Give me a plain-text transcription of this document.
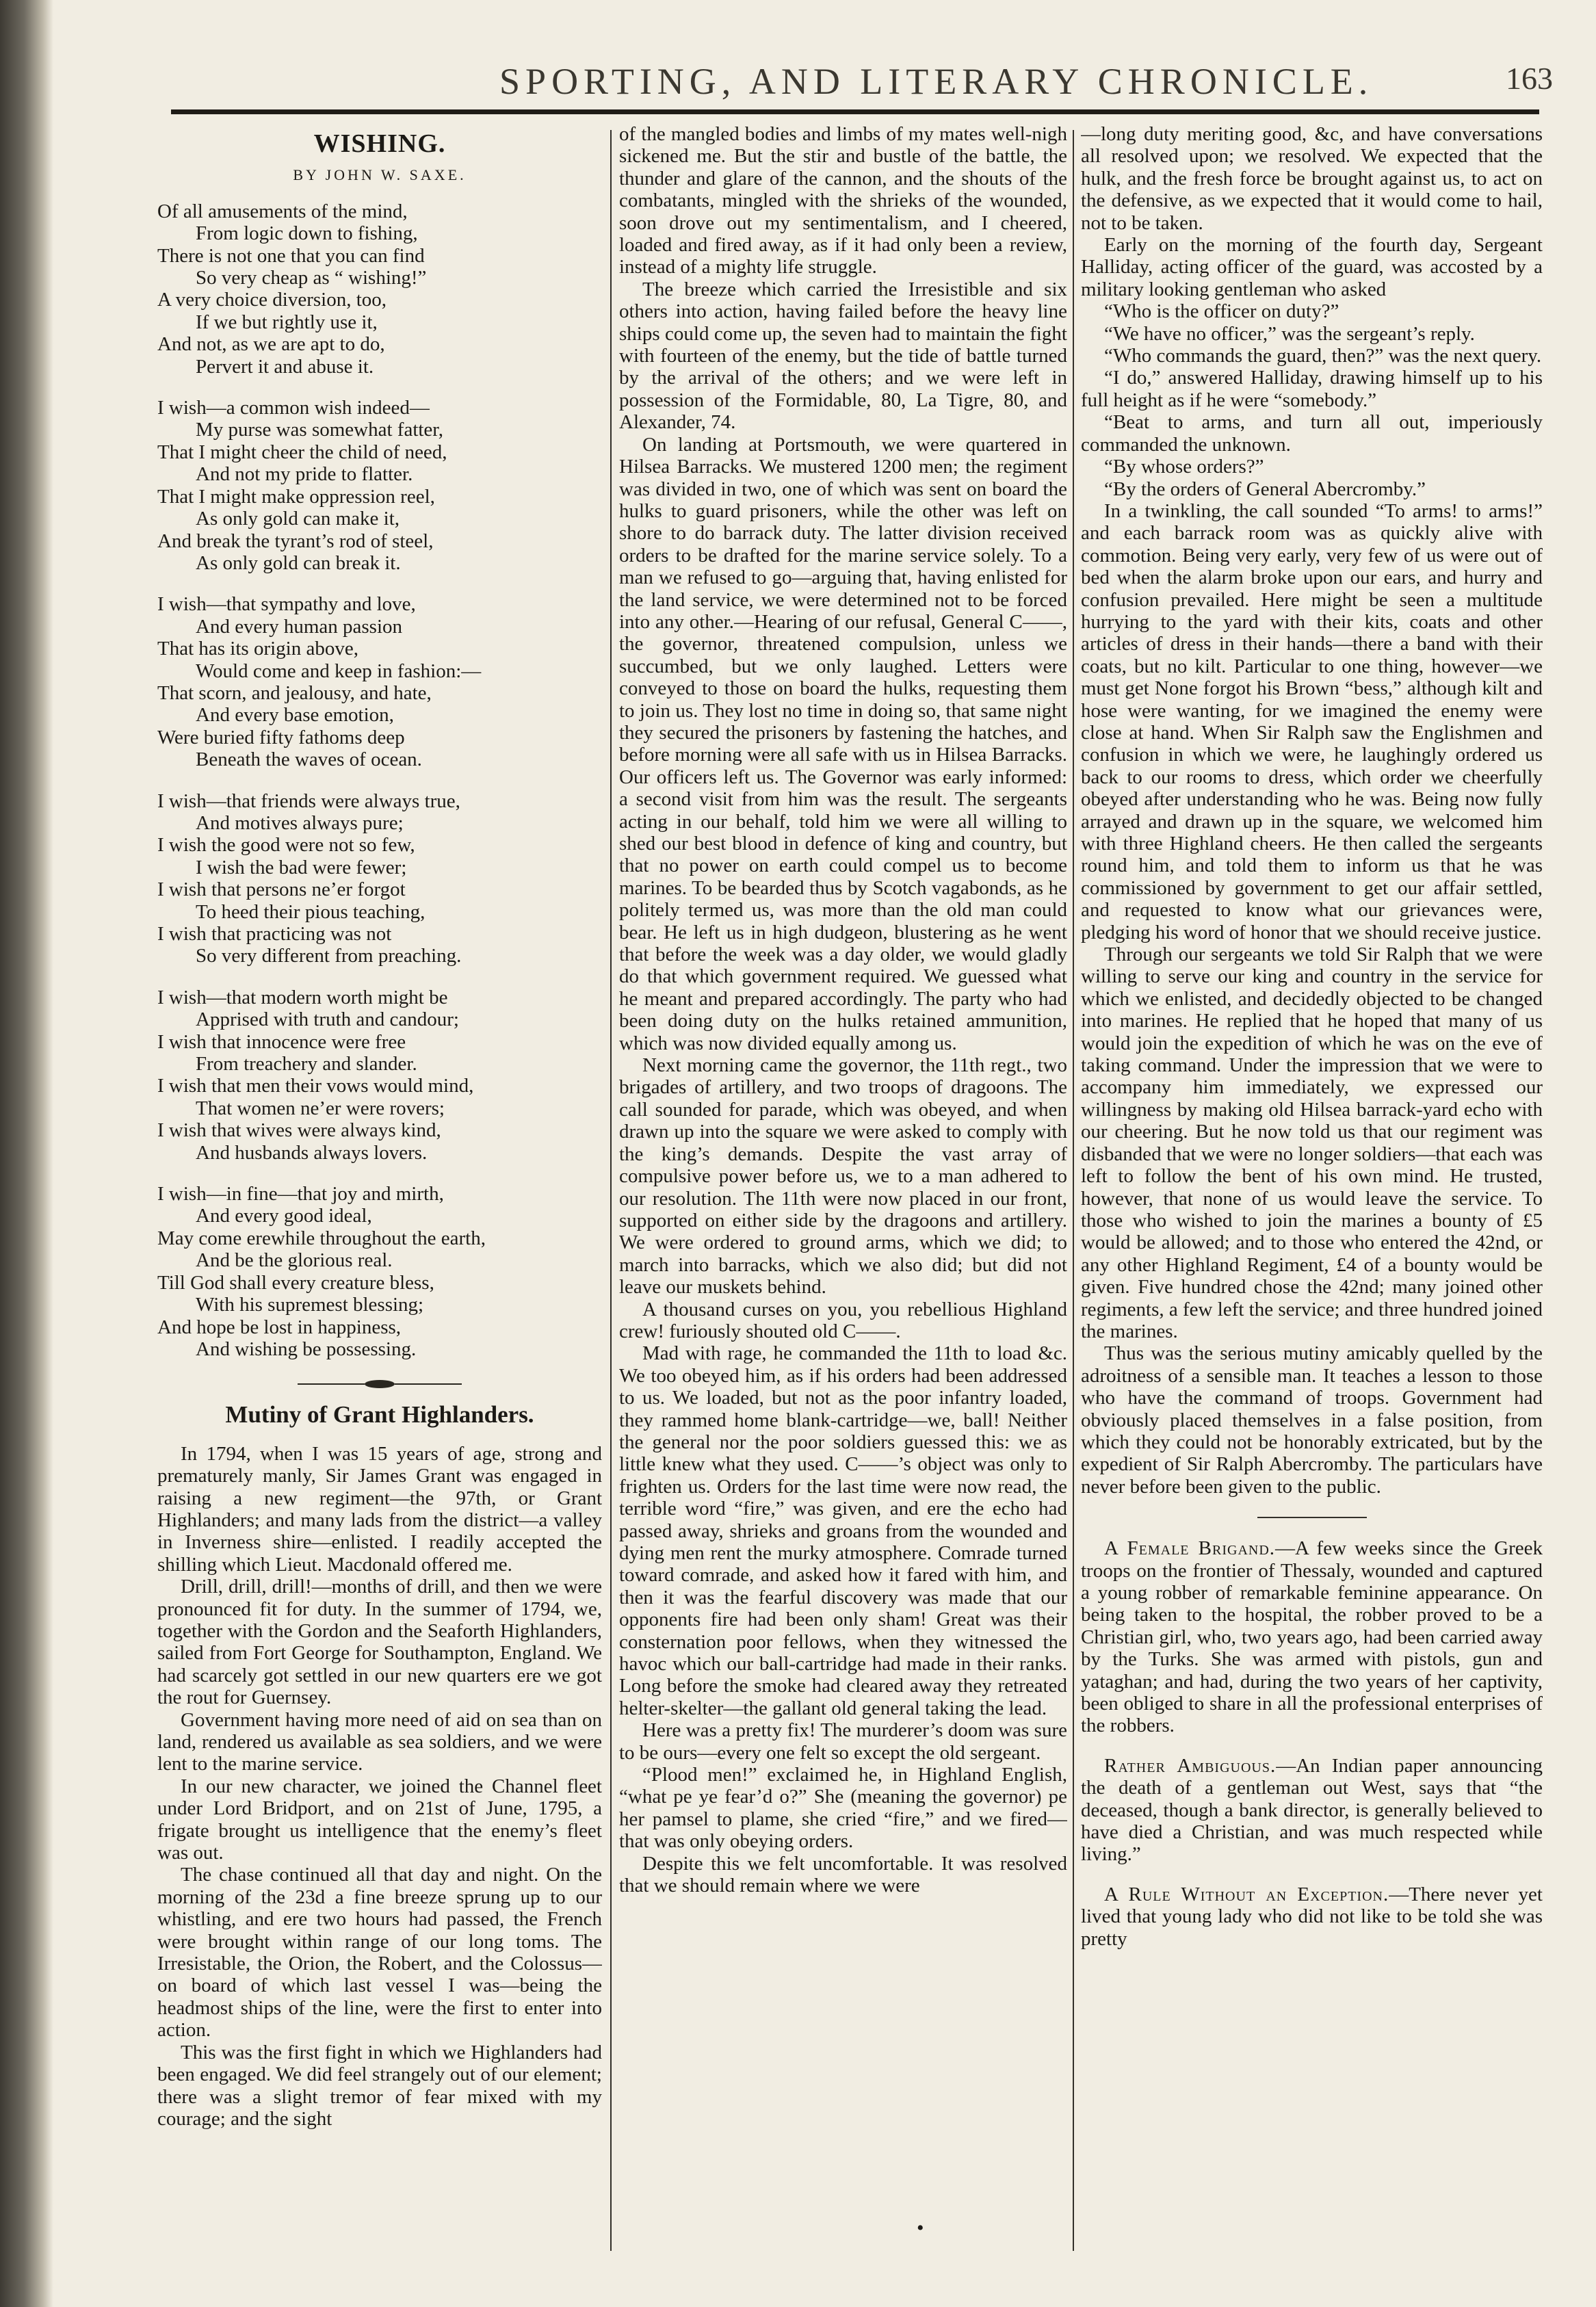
SPORTING, AND LITERARY CHRONICLE.	163
WISHING.
BY JOHN W. SAXE.
Of all amusements of the mind,
From logic down to fishing,
There is not one that you can find
So very cheap as “ wishing!”
A very choice diversion, too,
If we but rightly use it,
And not, as we are apt to do,
Pervert it and abuse it.
I wish—a common wish indeed—
My purse was somewhat fatter,
That I might cheer the child of need,
And not my pride to flatter.
That I might make oppression reel,
As only gold can make it,
And break the tyrant’s rod of steel,
As only gold can break it.
I wish—that sympathy and love,
And every human passion
That has its origin above,
Would come and keep in fashion:—
That scorn, and jealousy, and hate,
And every base emotion,
Were buried fifty fathoms deep
Beneath the waves of ocean.
I wish—that friends were always true,
And motives always pure;
I wish the good were not so few,
I wish the bad were fewer;
I wish that persons ne’er forgot
To heed their pious teaching,
I wish that practicing was not
So very different from preaching.
I wish—that modern worth might be
Apprised with truth and candour;
I wish that innocence were free
From treachery and slander.
I wish that men their vows would mind,
That women ne’er were rovers;
I wish that wives were always kind,
And husbands always lovers.
I wish—in fine—that joy and mirth,
And every good ideal,
May come erewhile throughout the earth,
And be the glorious real.
Till God shall every creature bless,
With his supremest blessing;
And hope be lost in happiness,
And wishing be possessing.
Mutiny of Grant Highlanders.

In 1794, when I was 15 years of age, strong and prematurely manly, Sir James Grant was engaged in raising a new regiment—the 97th, or Grant Highlanders; and many lads from the district—a valley in Inverness shire—enlisted. I readily accepted the shilling which Lieut. Macdonald offered me.

Drill, drill, drill!—months of drill, and then we were pronounced fit for duty. In the summer of 1794, we, together with the Gordon and the Seaforth Highlanders, sailed from Fort George for Southampton, England. We had scarcely got settled in our new quarters ere we got the rout for Guernsey.

Government having more need of aid on sea than on land, rendered us available as sea soldiers, and we were lent to the marine service.

In our new character, we joined the Channel fleet under Lord Bridport, and on 21st of June, 1795, a frigate brought us intelligence that the enemy’s fleet was out.

The chase continued all that day and night. On the morning of the 23d a fine breeze sprung up to our whistling, and ere two hours had passed, the French were brought within range of our long toms. The Irresistable, the Orion, the Robert, and the Colossus—on board of which last vessel I was—being the headmost ships of the line, were the first to enter into action.

This was the first fight in which we Highlanders had been engaged. We did feel strangely out of our element; there was a slight tremor of fear mixed with my courage; and the sight

of the mangled bodies and limbs of my mates well-nigh sickened me. But the stir and bustle of the battle, the thunder and glare of the cannon, and the shouts of the combatants, mingled with the shrieks of the wounded, soon drove out my sentimentalism, and I cheered, loaded and fired away, as if it had only been a review, instead of a mighty life struggle.

The breeze which carried the Irresistible and six others into action, having failed before the heavy line ships could come up, the seven had to maintain the fight with fourteen of the enemy, but the tide of battle turned by the arrival of the others; and we were left in possession of the Formidable, 80, La Tigre, 80, and Alexander, 74.

On landing at Portsmouth, we were quartered in Hilsea Barracks. We mustered 1200 men; the regiment was divided in two, one of which was sent on board the hulks to guard prisoners, while the other was left on shore to do barrack duty. The latter division received orders to be drafted for the marine service solely. To a man we refused to go—arguing that, having enlisted for the land service, we were determined not to be forced into any other.—Hearing of our refusal, General C——, the governor, threatened compulsion, unless we succumbed, but we only laughed. Letters were conveyed to those on board the hulks, requesting them to join us. They lost no time in doing so, that same night they secured the prisoners by fastening the hatches, and before morning were all safe with us in Hilsea Barracks. Our officers left us. The Governor was early informed: a second visit from him was the result. The sergeants acting in our behalf, told him we were all willing to shed our best blood in defence of king and country, but that no power on earth could compel us to become marines. To be bearded thus by Scotch vagabonds, as he politely termed us, was more than the old man could bear. He left us in high dudgeon, blustering as he went that before the week was a day older, we would gladly do that which government required. We guessed what he meant and prepared accordingly. The party who had been doing duty on the hulks retained ammunition, which was now divided equally among us.

Next morning came the governor, the 11th regt., two brigades of artillery, and two troops of dragoons. The call sounded for parade, which was obeyed, and when drawn up into the square we were asked to comply with the king’s demands. Despite the vast array of compulsive power before us, we to a man adhered to our resolution. The 11th were now placed in our front, supported on either side by the dragoons and artillery. We were ordered to ground arms, which we did; to march into barracks, which we also did; but did not leave our muskets behind.

A thousand curses on you, you rebellious Highland crew! furiously shouted old C——.

Mad with rage, he commanded the 11th to load &c. We too obeyed him, as if his orders had been addressed to us. We loaded, but not as the poor infantry loaded, they rammed home blank-cartridge—we, ball! Neither the general nor the poor soldiers guessed this: we as little knew what they used. C——’s object was only to frighten us. Orders for the last time were now read, the terrible word “fire,” was given, and ere the echo had passed away, shrieks and groans from the wounded and dying men rent the murky atmosphere. Comrade turned toward comrade, and asked how it fared with him, and then it was the fearful discovery was made that our opponents fire had been only sham! Great was their consternation poor fellows, when they witnessed the havoc which our ball-cartridge had made in their ranks. Long before the smoke had cleared away they retreated helter-skelter—the gallant old general taking the lead.

Here was a pretty fix! The murderer’s doom was sure to be ours—every one felt so except the old sergeant.

“Plood men!” exclaimed he, in Highland English, “what pe ye fear’d o?” She (meaning the governor) pe her pamsel to plame, she cried “fire,” and we fired—that was only obeying orders.

Despite this we felt uncomfortable. It was resolved that we should remain where we were

—long duty meriting good, &c, and have conversations all resolved upon; we resolved. We expected that the hulk, and the fresh force be brought against us, to act on the defensive, as we expected that it would come to hail, not to be taken.

Early on the morning of the fourth day, Sergeant Halliday, acting officer of the guard, was accosted by a military looking gentleman who asked

“Who is the officer on duty?”

“We have no officer,” was the sergeant’s reply.

“Who commands the guard, then?” was the next query.

“I do,” answered Halliday, drawing himself up to his full height as if he were “somebody.”

“Beat to arms, and turn all out, imperiously commanded the unknown.

“By whose orders?”

“By the orders of General Abercromby.”

In a twinkling, the call sounded “To arms! to arms!” and each barrack room was as quickly alive with commotion. Being very early, very few of us were out of bed when the alarm broke upon our ears, and hurry and confusion prevailed. Here might be seen a multitude hurrying to the yard with their kits, coats and other articles of dress in their hands—there a band with their coats, but no kilt. Particular to one thing, however—we must get None forgot his Brown “bess,” although kilt and hose were wanting, for we imagined the enemy were close at hand. When Sir Ralph saw the Englishmen and confusion in which we were, he laughingly ordered us back to our rooms to dress, which order we cheerfully obeyed after understanding who he was. Being now fully arrayed and drawn up in the square, we welcomed him with three Highland cheers. He then called the sergeants round him, and told them to inform us that he was commissioned by government to get our affair settled, and requested to know what our grievances were, pledging his word of honor that we should receive justice.

Through our sergeants we told Sir Ralph that we were willing to serve our king and country in the service for which we enlisted, and decidedly objected to be changed into marines. He replied that he hoped that many of us would join the expedition of which he was on the eve of taking command. Under the impression that we were to accompany him immediately, we expressed our willingness by making old Hilsea barrack-yard echo with our cheering. But he now told us that our regiment was disbanded that we were no longer soldiers—that each was left to follow the bent of his own mind. He trusted, however, that none of us would leave the service. To those who wished to join the marines a bounty of £5 would be allowed; and to those who entered the 42nd, or any other Highland Regiment, £4 of a bounty would be given. Five hundred chose the 42nd; many joined other regiments, a few left the service; and three hundred joined the marines.

Thus was the serious mutiny amicably quelled by the adroitness of a sensible man. It teaches a lesson to those who have the command of troops. Government had obviously placed themselves in a false position, from which they could not be honorably extricated, but by the expedient of Sir Ralph Abercromby. The particulars have never before been given to the public.

A Female Brigand.—A few weeks since the Greek troops on the frontier of Thessaly, wounded and captured a young robber of remarkable feminine appearance. On being taken to the hospital, the robber proved to be a Christian girl, who, two years ago, had been carried away by the Turks. She was armed with pistols, gun and yataghan; and had, during the two years of her captivity, been obliged to share in all the professional enterprises of the robbers.

Rather Ambiguous.—An Indian paper announcing the death of a gentleman out West, says that “the deceased, though a bank director, is generally believed to have died a Christian, and was much respected while living.”

A Rule Without an Exception.—There never yet lived that young lady who did not like to be told she was pretty

•
